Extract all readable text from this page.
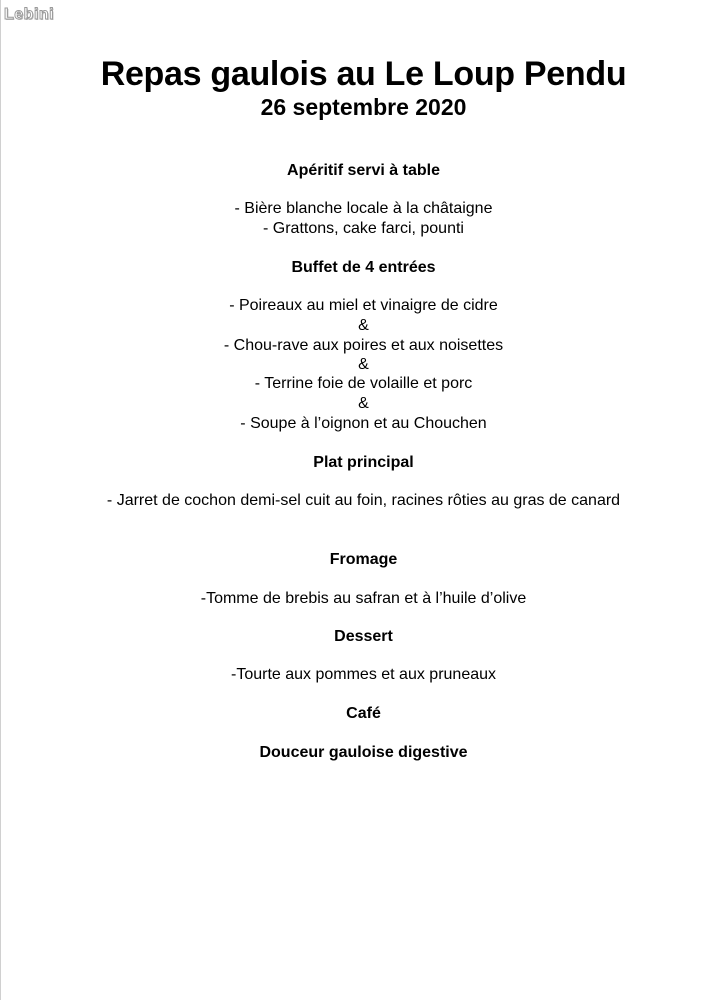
Lebini
Repas gaulois au Le Loup Pendu
26 septembre 2020
Apéritif servi à table
- Bière blanche locale à la châtaigne
- Grattons, cake farci, pounti
Buffet de 4 entrées
- Poireaux au miel et vinaigre de cidre
&
- Chou-rave aux poires et aux noisettes
&
- Terrine foie de volaille et porc
&
- Soupe à l’oignon et au Chouchen
Plat principal
- Jarret de cochon demi-sel cuit au foin, racines rôties au gras de canard
Fromage
-Tomme de brebis au safran et à l’huile d’olive
Dessert
-Tourte aux pommes et aux pruneaux
Café
Douceur gauloise digestive
